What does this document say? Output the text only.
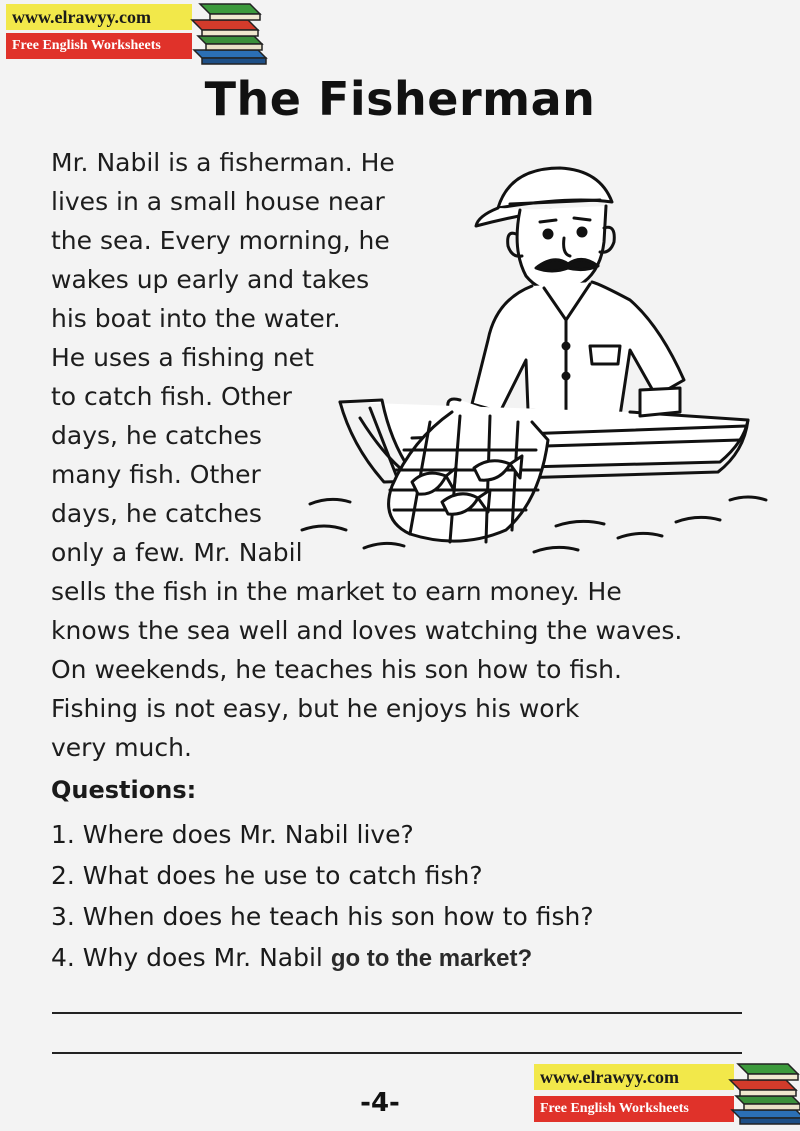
www.elrawyy.com
Free English Worksheets
The Fisherman
Mr. Nabil is a fisherman. He
lives in a small house near
the sea. Every morning, he
wakes up early and takes
his boat into the water.
He uses a fishing net
to catch fish. Other
days, he catches
many fish. Other
days, he catches
only a few. Mr. Nabil
sells the fish in the market to earn money. He
knows the sea well and loves watching the waves.
On weekends, he teaches his son how to fish.
Fishing is not easy, but he enjoys his work
very much.
Questions:
1. Where does Mr. Nabil live?
2. What does he use to catch fish?
3. When does he teach his son how to fish?
4. Why does Mr. Nabil go to the market?
-4-
www.elrawyy.com
Free English Worksheets
